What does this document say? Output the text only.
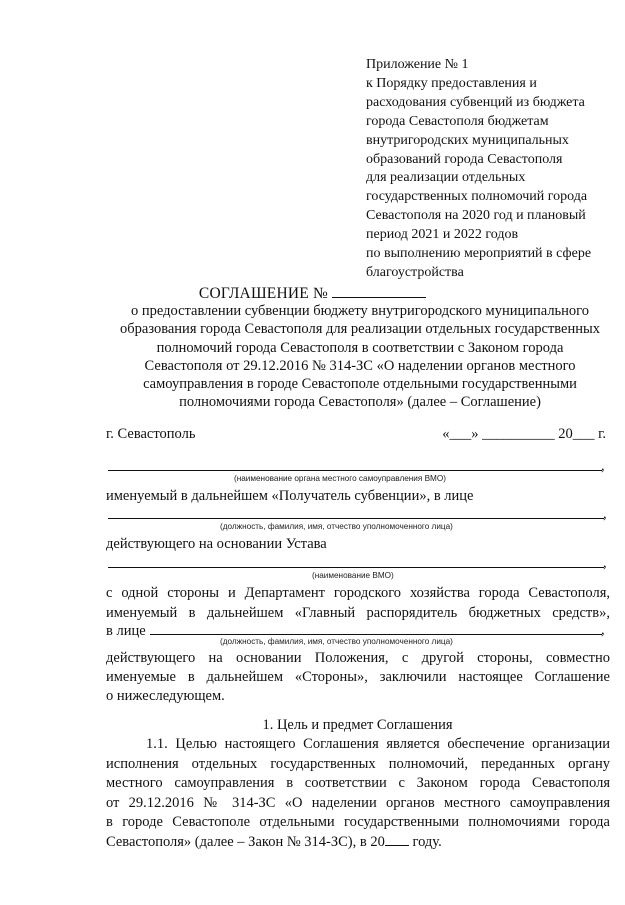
Приложение № 1
к Порядку предоставления и
расходования субвенций из бюджета
города Севастополя бюджетам
внутригородских муниципальных
образований города Севастополя
для реализации отдельных
государственных полномочий города
Севастополя на 2020 год и плановый
период 2021 и 2022 годов
по выполнению мероприятий в сфере
благоустройства
СОГЛАШЕНИЕ №
о предоставлении субвенции бюджету внутригородского муниципального
образования города Севастополя для реализации отдельных государственных
полномочий города Севастополя в соответствии с Законом города
Севастополя от 29.12.2016 № 314-ЗС «О наделении органов местного
самоуправления в городе Севастополе отдельными государственными
полномочиями города Севастополя» (далее – Соглашение)
г. Севастополь	«___» __________ 20___ г.
,
(наименование органа местного самоуправления ВМО)
именуемый в дальнейшем «Получатель субвенции», в лице
,
(должность, фамилия, имя, отчество уполномоченного лица)
действующего на основании Устава
,
(наименование ВМО)
с одной стороны и Департамент городского хозяйства города Севастополя,
именуемый в дальнейшем «Главный распорядитель бюджетных средств»,
в лице	,
(должность, фамилия, имя, отчество уполномоченного лица)
действующего на основании Положения, с другой стороны, совместно
именуемые в дальнейшем «Стороны», заключили настоящее Соглашение
о нижеследующем.
1. Цель и предмет Соглашения
1.1. Целью настоящего Соглашения является обеспечение организации
исполнения отдельных государственных полномочий, переданных органу
местного самоуправления в соответствии с Законом города Севастополя
от 29.12.2016 № 314-ЗС «О наделении органов местного самоуправления
в городе Севастополе отдельными государственными полномочиями города
Севастополя» (далее – Закон № 314-ЗС), в 20 году.
